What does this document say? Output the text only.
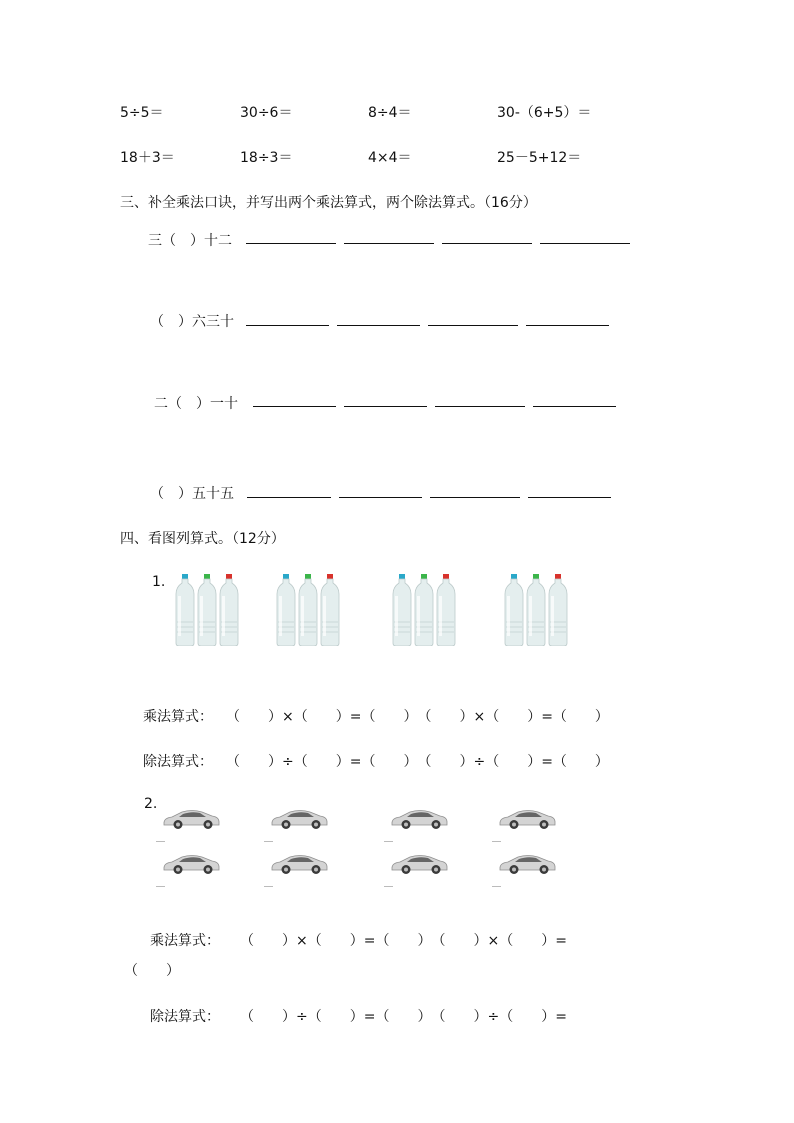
5÷5＝	30÷6＝	8÷4＝	30-（6+5）＝
18＋3＝	18÷3＝	4×4＝	25－5+12＝
三、补全乘法口诀，并写出两个乘法算式，两个除法算式。（16分）
三（　）十二
（　）六三十
二（　）一十
（　）五十五
四、看图列算式。（12分）
1.
乘法算式： （　　）×（　　）=（　　）　（　　）×（　　）=（　　）
除法算式： （　　）÷（　　）=（　　）　（　　）÷（　　）=（　　）
2.
乘法算式： （　　）×（　　）=（　　）　（　　）×（　　）=
（　　）
除法算式： （　　）÷（　　）=（　　）　（　　）÷（　　）=
